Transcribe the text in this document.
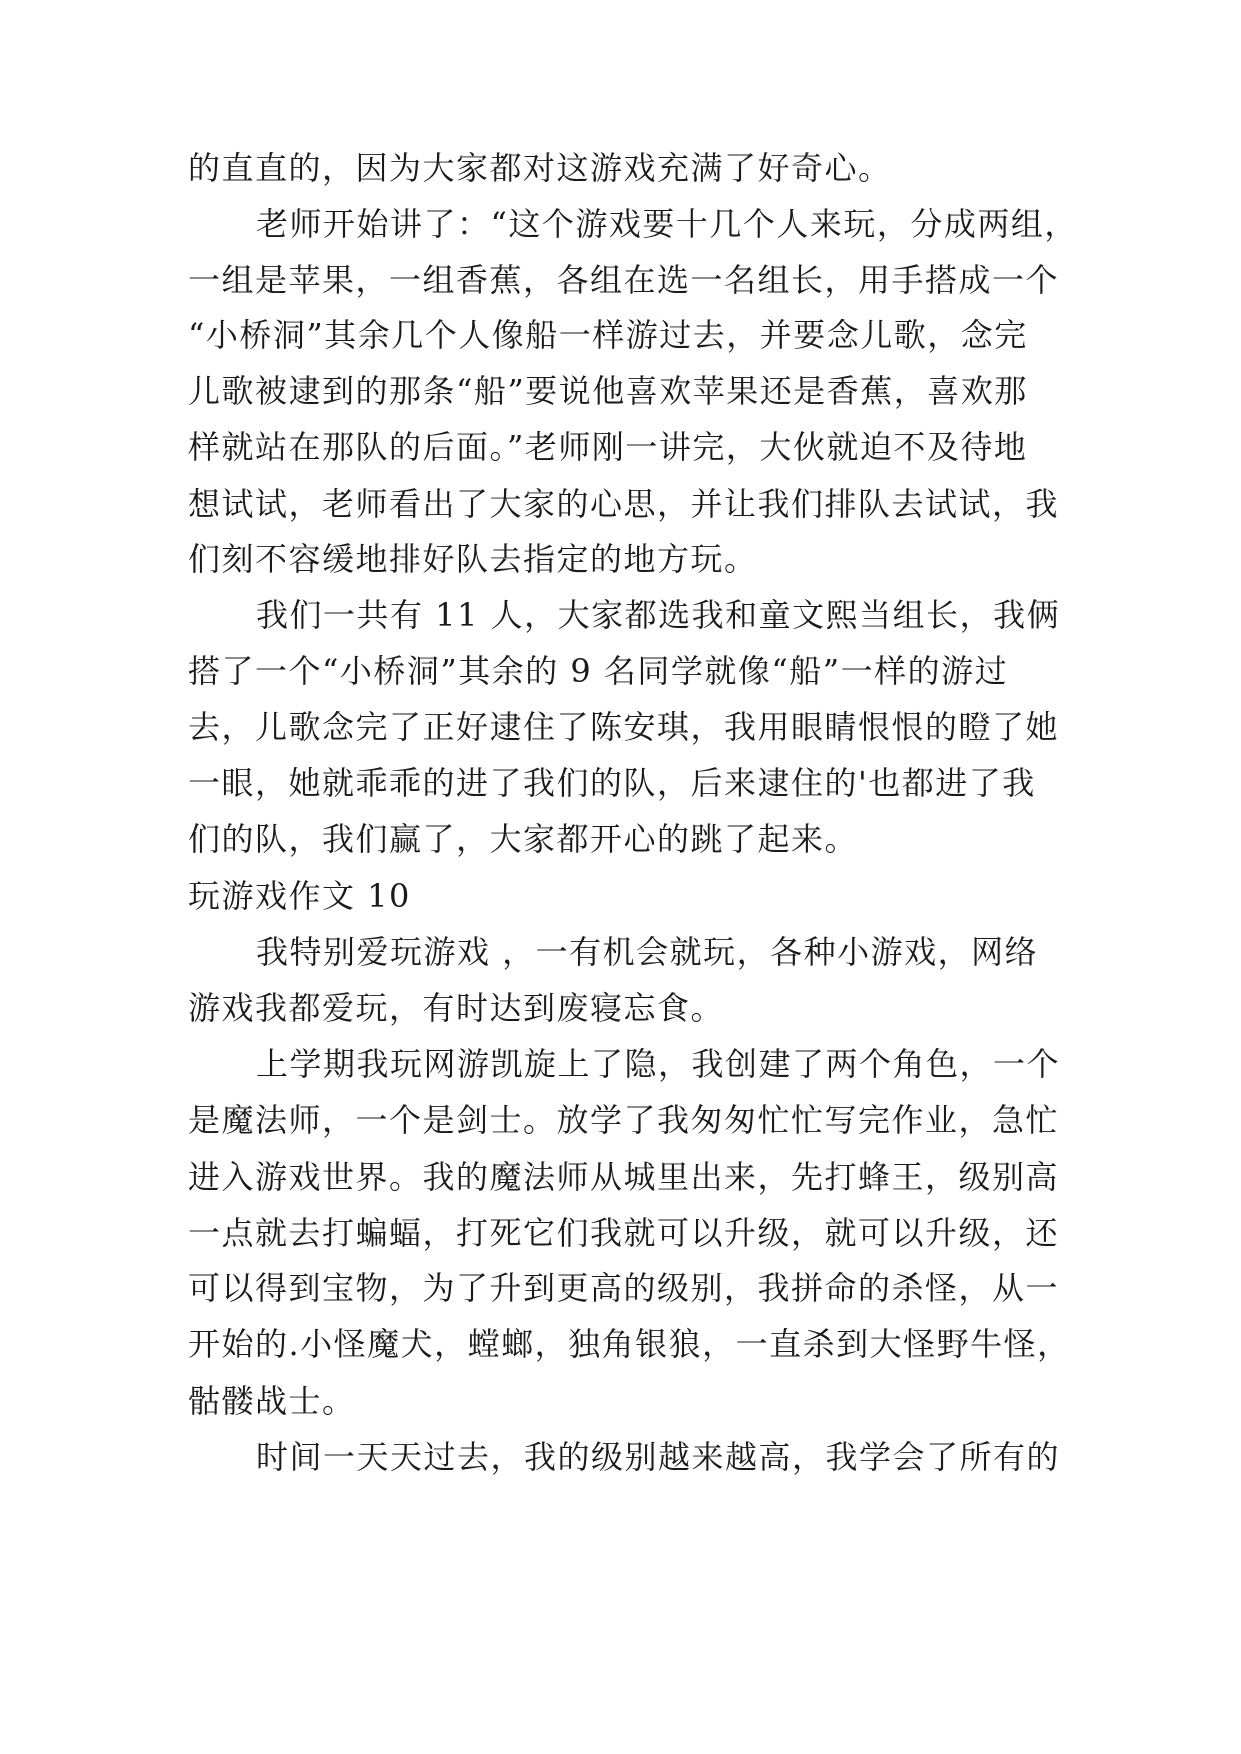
的直直的，因为大家都对这游戏充满了好奇心。
老师开始讲了：“这个游戏要十几个人来玩，分成两组，
一组是苹果，一组香蕉，各组在选一名组长，用手搭成一个
“小桥洞”其余几个人像船一样游过去，并要念儿歌，念完
儿歌被逮到的那条“船”要说他喜欢苹果还是香蕉，喜欢那
样就站在那队的后面。”老师刚一讲完，大伙就迫不及待地
想试试，老师看出了大家的心思，并让我们排队去试试，我
们刻不容缓地排好队去指定的地方玩。
我们一共有 11 人，大家都选我和童文熙当组长，我俩
搭了一个“小桥洞”其余的 9 名同学就像“船”一样的游过
去，儿歌念完了正好逮住了陈安琪，我用眼睛恨恨的瞪了她
一眼，她就乖乖的进了我们的队，后来逮住的'也都进了我
们的队，我们赢了，大家都开心的跳了起来。
玩游戏作文 10
我特别爱玩游戏 ，一有机会就玩，各种小游戏，网络
游戏我都爱玩，有时达到废寝忘食。
上学期我玩网游凯旋上了隐，我创建了两个角色，一个
是魔法师，一个是剑士。放学了我匆匆忙忙写完作业，急忙
进入游戏世界。我的魔法师从城里出来，先打蜂王，级别高
一点就去打蝙蝠，打死它们我就可以升级，就可以升级，还
可以得到宝物，为了升到更高的级别，我拼命的杀怪，从一
开始的.小怪魔犬，螳螂，独角银狼，一直杀到大怪野牛怪，
骷髅战士。
时间一天天过去，我的级别越来越高，我学会了所有的
